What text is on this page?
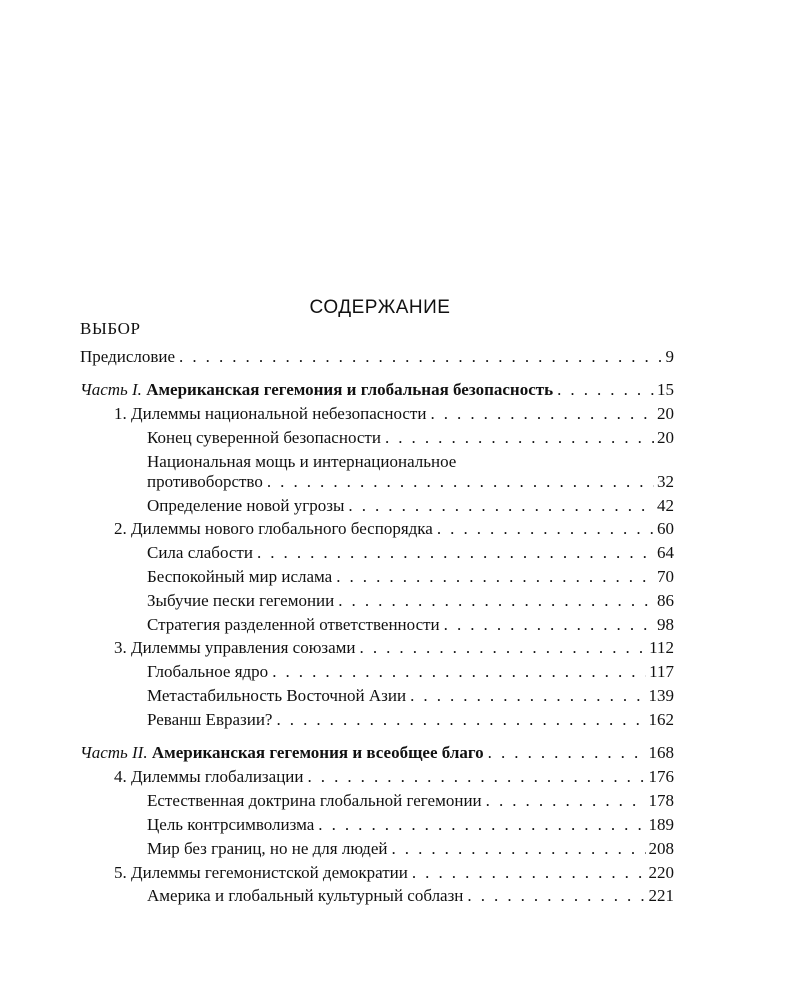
СОДЕРЖАНИЕ
ВЫБОР
Предисловие . . .	9
Часть I. Американская гегемония и глобальная безопасность . . .	15
1. Дилеммы национальной небезопасности . . .	20
Конец суверенной безопасности . . .	20
Национальная мощь и интернациональное
противоборство . . .	32
Определение новой угрозы . . .	42
2. Дилеммы нового глобального беспорядка . . .	60
Сила слабости . . .	64
Беспокойный мир ислама . . .	70
Зыбучие пески гегемонии . . .	86
Стратегия разделенной ответственности . . .	98
3. Дилеммы управления союзами . . .	112
Глобальное ядро . . .	117
Метастабильность Восточной Азии . . .	139
Реванш Евразии? . . .	162
Часть II. Американская гегемония и всеобщее благо . . .	168
4. Дилеммы глобализации . . .	176
Естественная доктрина глобальной гегемонии . . .	178
Цель контрсимволизма . . .	189
Мир без границ, но не для людей . . .	208
5. Дилеммы гегемонистской демократии . . .	220
Америка и глобальный культурный соблазн . . .	221
